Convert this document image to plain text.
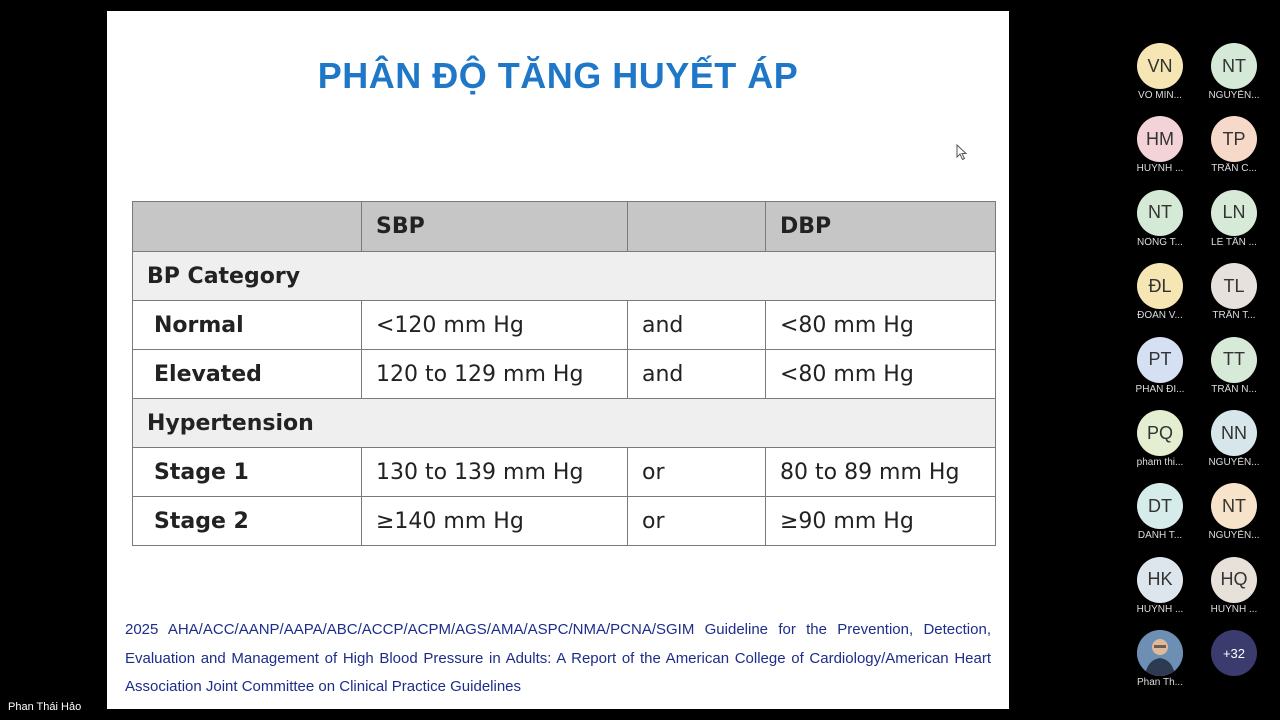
PHÂN ĐỘ TĂNG HUYẾT ÁP
	SBP		DBP
BP Category			
Normal	<120 mm Hg	and	<80 mm Hg
Elevated	120 to 129 mm Hg	and	<80 mm Hg
Hypertension			
Stage 1	130 to 139 mm Hg	or	80 to 89 mm Hg
Stage 2	≥140 mm Hg	or	≥90 mm Hg
2025 AHA/ACC/AANP/AAPA/ABC/ACCP/ACPM/AGS/AMA/ASPC/NMA/PCNA/SGIM Guideline for the Prevention, Detection, Evaluation and Management of High Blood Pressure in Adults: A Report of the American College of Cardiology/American Heart Association Joint Committee on Clinical Practice Guidelines
Phan Thái Hảo
VN
VÕ MIN...
NT
NGUYỄN...
HM
HUỲNH ...
TP
TRẦN C...
NT
NÔNG T...
LN
LÊ TẤN ...
ĐL
ĐOÀN V...
TL
TRẦN T...
PT
PHAN ĐI...
TT
TRẦN N...
PQ
pham thi...
NN
NGUYỄN...
DT
DANH T...
NT
NGUYỄN...
HK
HUỲNH ...
HQ
HUỲNH ...
Phan Th...
+32
